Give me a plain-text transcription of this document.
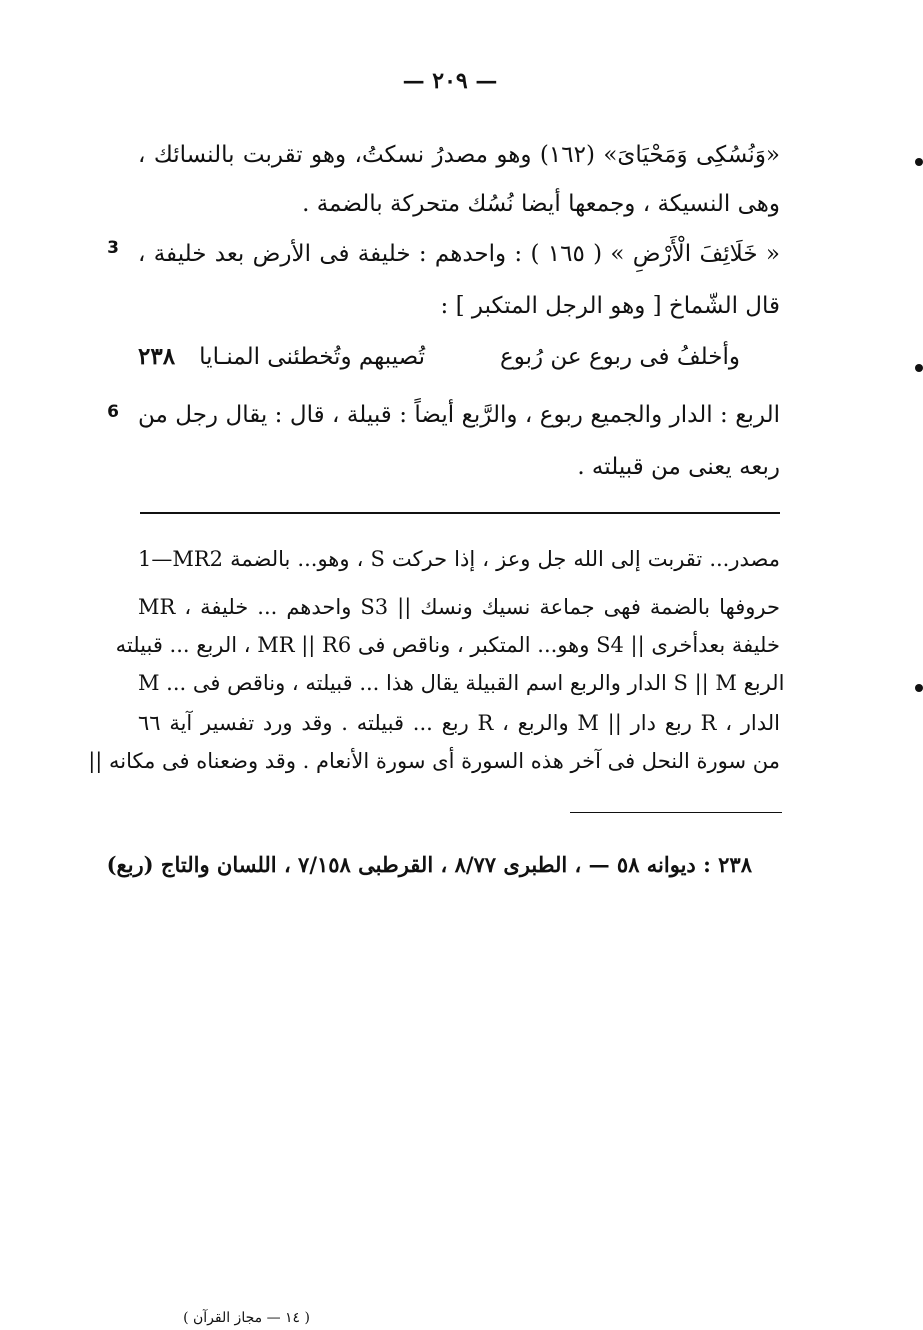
— ٢٠٩ —
«وَنُسُكِى وَمَحْيَاىَ» (١٦٢) وهو مصدرُ نسكتُ، وهو تقربت بالنسائك ،
وهى النسيكة ، وجمعها أيضا نُسُك متحركة بالضمة .
« خَلَائِفَ الْأَرْضِ » ( ١٦٥ ) : واحدهم : خليفة فى الأرض بعد خليفة ،
قال الشّماخ [ وهو الرجل المتكبر ] :
وأخلفُ فى ربوع عن رُبوع
تُصيبهم وتُخطئنى المنـايا
٢٣٨
الربع : الدار والجميع ربوع ، والرَّبع أيضاً : قبيلة ، قال : يقال رجل من
ربعه يعنى من قبيلته .
3
6
1—MR2 وهو... بالضمة ، S مصدر... تقربت إلى الله جل وعز ، إذا حركت
حروفها بالضمة فهى جماعة نسيك ونسك || S3 واحدهم ... خليفة ، MR
خليفة بعدأخرى || S4 وهو... المتكبر ، وناقص فى MR || R6 ، الربع ... قبيلته
M ... الدار والربع اسم القبيلة يقال هذا ... قبيلته ، وناقص فى S || M الربع
الدار ، R ربع دار || M والربع ، R ربع ... قبيلته . وقد ورد تفسير آية ٦٦
من سورة النحل فى آخر هذه السورة أى سورة الأنعام . وقد وضعناه فى مكانه ||
٢٣٨ : ديوانه ٥٨ — ، الطبرى ٨/٧٧ ، القرطبى ٧/١٥٨ ، اللسان والتاج (ربع)
( ١٤ — مجاز القرآن )
